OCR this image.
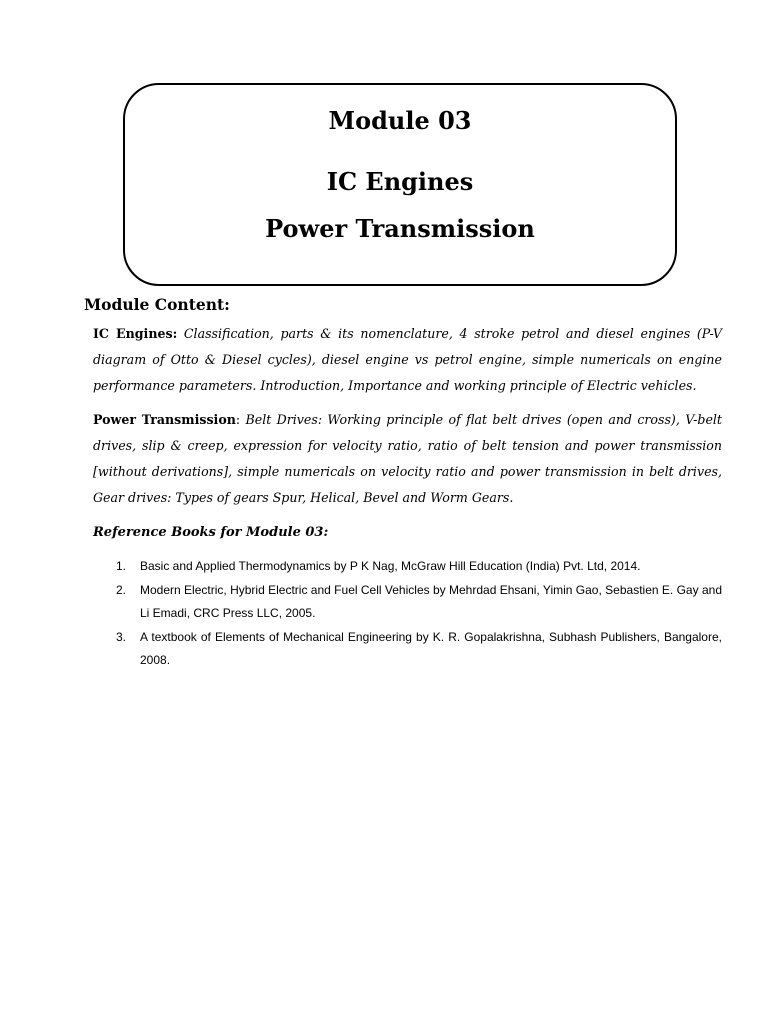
Module 03
IC Engines
Power Transmission
Module Content:

IC Engines: Classification, parts & its nomenclature, 4 stroke petrol and diesel engines (P-V diagram of Otto & Diesel cycles), diesel engine vs petrol engine, simple numericals on engine performance parameters. Introduction, Importance and working principle of Electric vehicles.

Power Transmission: Belt Drives: Working principle of flat belt drives (open and cross), V-belt drives, slip & creep, expression for velocity ratio, ratio of belt tension and power transmission [without derivations], simple numericals on velocity ratio and power transmission in belt drives, Gear drives: Types of gears Spur, Helical, Bevel and Worm Gears.

Reference Books for Module 03:
1. Basic and Applied Thermodynamics by P K Nag, McGraw Hill Education (India) Pvt. Ltd, 2014.
2. Modern Electric, Hybrid Electric and Fuel Cell Vehicles by Mehrdad Ehsani, Yimin Gao, Sebastien E. Gay and Li Emadi, CRC Press LLC, 2005.
3. A textbook of Elements of Mechanical Engineering by K. R. Gopalakrishna, Subhash Publishers, Bangalore, 2008.
